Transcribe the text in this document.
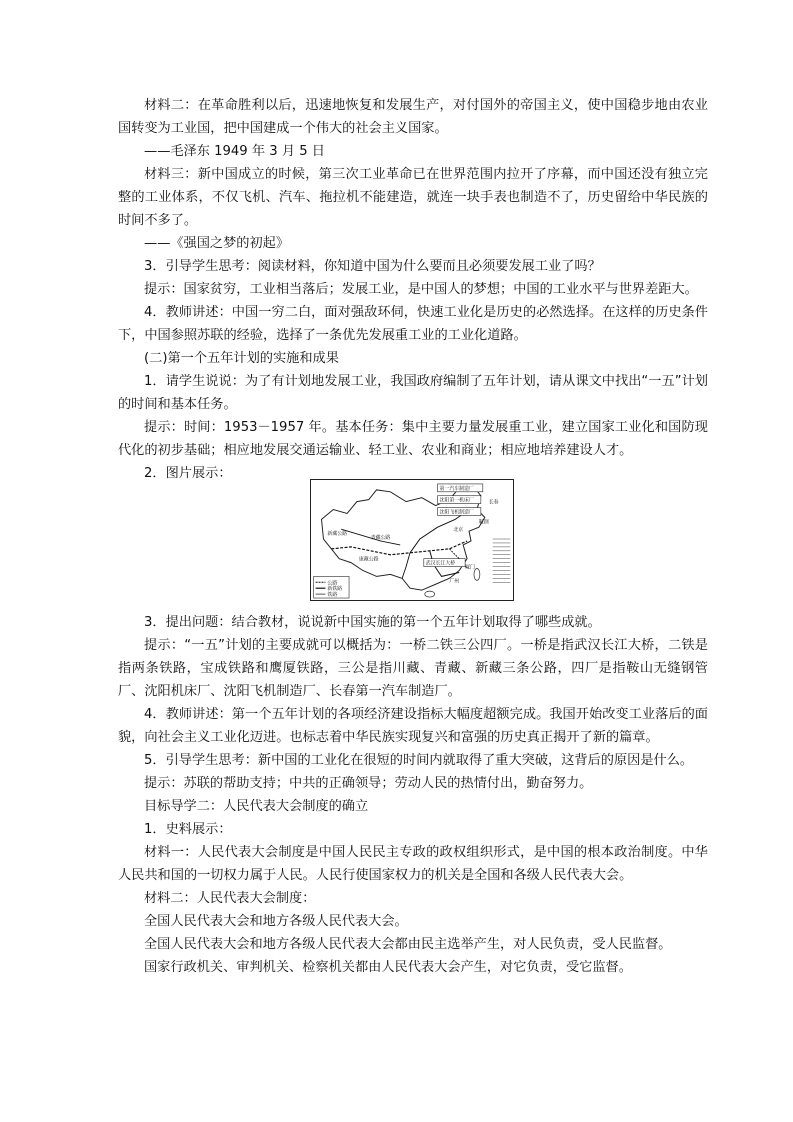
材料二：在革命胜利以后，迅速地恢复和发展生产，对付国外的帝国主义，使中国稳步地由农业国转变为工业国，把中国建成一个伟大的社会主义国家。

——毛泽东 1949 年 3 月 5 日

材料三：新中国成立的时候，第三次工业革命已在世界范围内拉开了序幕，而中国还没有独立完整的工业体系，不仅飞机、汽车、拖拉机不能建造，就连一块手表也制造不了，历史留给中华民族的时间不多了。

——《强国之梦的初起》

3．引导学生思考：阅读材料，你知道中国为什么要而且必须要发展工业了吗？

提示：国家贫穷，工业相当落后；发展工业，是中国人的梦想；中国的工业水平与世界差距大。

4．教师讲述：中国一穷二白，面对强敌环伺，快速工业化是历史的必然选择。在这样的历史条件下，中国参照苏联的经验，选择了一条优先发展重工业的工业化道路。

(二)第一个五年计划的实施和成果

1．请学生说说：为了有计划地发展工业，我国政府编制了五年计划，请从课文中找出“一五”计划的时间和基本任务。

提示：时间：1953－1957 年。基本任务：集中主要力量发展重工业，建立国家工业化和国防现代化的初步基础；相应地发展交通运输业、轻工业、农业和商业；相应地培养建设人才。

2．图片展示：

第一汽车制造厂
长春
沈阳第一机床厂
沈阳飞机制造厂
鞍钢
北京
武汉长江大桥
康藏公路
青藏公路
新藏公路
广州
厦门
公路
新铁路
铁路

3．提出问题：结合教材，说说新中国实施的第一个五年计划取得了哪些成就。

提示：“一五”计划的主要成就可以概括为：一桥二铁三公四厂。一桥是指武汉长江大桥，二铁是指两条铁路，宝成铁路和鹰厦铁路，三公是指川藏、青藏、新藏三条公路，四厂是指鞍山无缝钢管厂、沈阳机床厂、沈阳飞机制造厂、长春第一汽车制造厂。

4．教师讲述：第一个五年计划的各项经济建设指标大幅度超额完成。我国开始改变工业落后的面貌，向社会主义工业化迈进。也标志着中华民族实现复兴和富强的历史真正揭开了新的篇章。

5．引导学生思考：新中国的工业化在很短的时间内就取得了重大突破，这背后的原因是什么。

提示：苏联的帮助支持；中共的正确领导；劳动人民的热情付出，勤奋努力。

目标导学二：人民代表大会制度的确立

1．史料展示：

材料一：人民代表大会制度是中国人民民主专政的政权组织形式，是中国的根本政治制度。中华人民共和国的一切权力属于人民。人民行使国家权力的机关是全国和各级人民代表大会。

材料二：人民代表大会制度：

全国人民代表大会和地方各级人民代表大会。

全国人民代表大会和地方各级人民代表大会都由民主选举产生，对人民负责，受人民监督。

国家行政机关、审判机关、检察机关都由人民代表大会产生，对它负责，受它监督。
